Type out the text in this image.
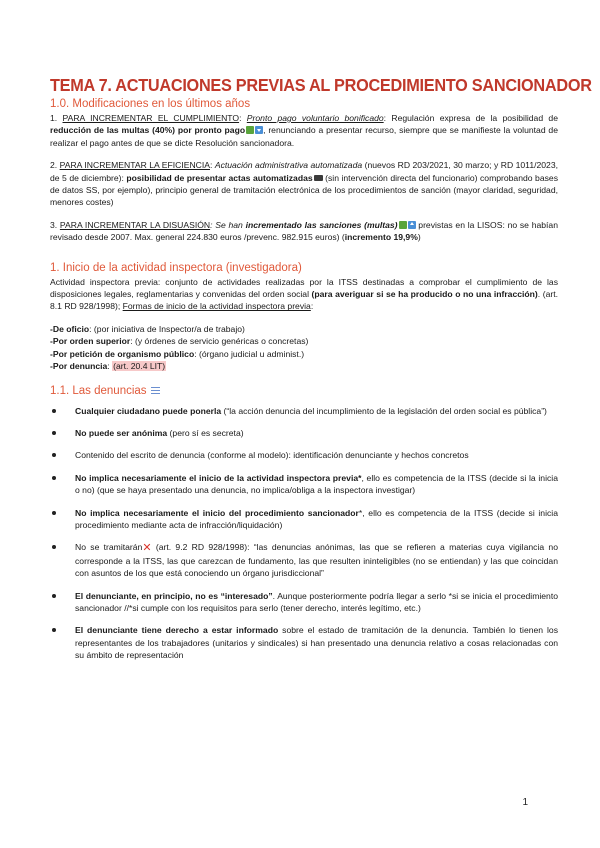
TEMA 7. ACTUACIONES PREVIAS AL PROCEDIMIENTO SANCIONADOR
1.0. Modificaciones en los últimos años

1. PARA INCREMENTAR EL CUMPLIMIENTO: Pronto pago voluntario bonificado: Regulación expresa de la posibilidad de reducción de las multas (40%) por pronto pago , renunciando a presentar recurso, siempre que se manifieste la voluntad de realizar el pago antes de que se dicte Resolución sancionadora.

2. PARA INCREMENTAR LA EFICIENCIA: Actuación administrativa automatizada (nuevos RD 203/2021, 30 marzo; y RD 1011/2023, de 5 de diciembre): posibilidad de presentar actas automatizadas (sin intervención directa del funcionario) comprobando bases de datos SS, por ejemplo), principio general de tramitación electrónica de los procedimientos de sanción (mayor claridad, seguridad, menores costes)

3. PARA INCREMENTAR LA DISUASIÓN: Se han incrementado las sanciones (multas) previstas en la LISOS: no se habían revisado desde 2007. Max. general 224.830 euros /prevenc. 982.915 euros) (incremento 19,9%)

1. Inicio de la actividad inspectora (investigadora)

Actividad inspectora previa: conjunto de actividades realizadas por la ITSS destinadas a comprobar el cumplimiento de las disposiciones legales, reglamentarias y convenidas del orden social (para averiguar si se ha producido o no una infracción). (art. 8.1 RD 928/1998); Formas de inicio de la actividad inspectora previa:

-De oficio: (por iniciativa de Inspector/a de trabajo)

-Por orden superior: (y órdenes de servicio genéricas o concretas)

-Por petición de organismo público: (órgano judicial u administ.)

-Por denuncia: (art. 20.4 LIT)

1.1. Las denuncias
Cualquier ciudadano puede ponerla (“la acción denuncia del incumplimiento de la legislación del orden social es pública”)
No puede ser anónima (pero sí es secreta)
Contenido del escrito de denuncia (conforme al modelo): identificación denunciante y hechos concretos
No implica necesariamente el inicio de la actividad inspectora previa*, ello es competencia de la ITSS (decide si la inicia o no) (que se haya presentado una denuncia, no implica/obliga a la inspectora investigar)
No implica necesariamente el inicio del procedimiento sancionador*, ello es competencia de la ITSS (decide si inicia procedimiento mediante acta de infracción/liquidación)
No se tramitarán✕ (art. 9.2 RD 928/1998): “las denuncias anónimas, las que se refieren a materias cuya vigilancia no corresponde a la ITSS, las que carezcan de fundamento, las que resulten ininteligibles (no se entiendan) y las que coincidan con asuntos de los que está conociendo un órgano jurisdiccional”
El denunciante, en principio, no es “interesado”. Aunque posteriormente podría llegar a serlo *si se inicia el procedimiento sancionador //*si cumple con los requisitos para serlo (tener derecho, interés legítimo, etc.)
El denunciante tiene derecho a estar informado sobre el estado de tramitación de la denuncia. También lo tienen los representantes de los trabajadores (unitarios y sindicales) si han presentado una denuncia relativo a cosas relacionadas con su ámbito de representación
1
